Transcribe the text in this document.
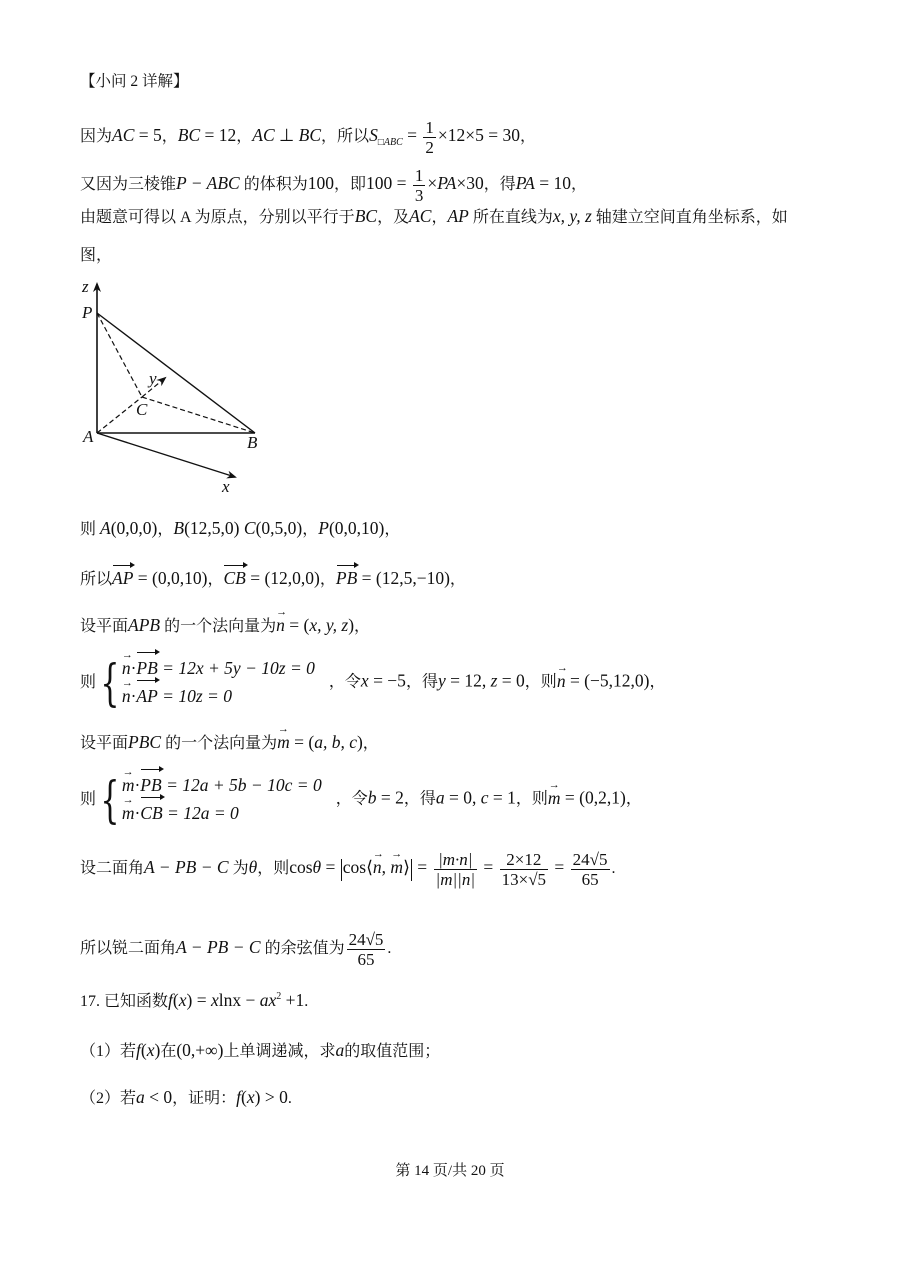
【小问 2 详解】
因为AC = 5，BC = 12，AC ⊥ BC，所以$S_{□ABC} = \frac{1}{2} \times 12\times 5 = 30$，
又因为三棱锥P − ABC 的体积为100，即$100 = \frac{1}{3} \times PA\times 30$，得PA = 10，
由题意可得以 A 为原点，分别以平行于BC，及AC，AP 所在直线为x, y, z 轴建立空间直角坐标系，如
图，
z
P
y
C
A	B
x
则 A(0,0,0)，B(12,5,0) C(0,5,0)，P(0,0,10)，
所以AP = (0,0,10)，CB = (12,0,0)，PB = (12,5,−10)，
设平面APB 的一个法向量为n → = (x, y, z)，
则 { n →·PB = 12x + 5y − 10z = 0
n →·AP = 10z = 0
，令x = −5，得y = 12, z = 0，则n → = (−5,12,0)，
设平面PBC 的一个法向量为m → = (a, b, c)，
则 { m →·PB = 12a + 5b − 10c = 0
m →·CB = 12a = 0
，令b = 2，得a = 0, c = 1，则m → = (0,2,1)，
设二面角A − PB − C 为θ，则cosθ = cos⟨n →, m →⟩ = $\frac{|m\cdot n|}{|m||n|} = \frac{2\times 12}{13\times√5} = \frac{24√5}{65}$ .
所以锐二面角A − PB − C 的余弦值为 $\frac{24√5}{65}$ .
17. 已知函数$f(x) = xlnx - ax^2 +1$.
（1）若f(x)在(0,+∞)上单调递减，求a的取值范围；
（2）若a < 0，证明：f(x) > 0.
第 14 页/共 20 页
